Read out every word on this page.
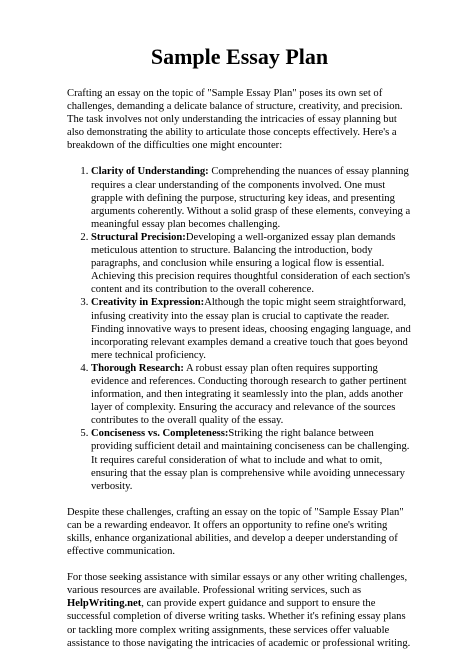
Sample Essay Plan

Crafting an essay on the topic of "Sample Essay Plan" poses its own set of challenges, demanding a delicate balance of structure, creativity, and precision. The task involves not only understanding the intricacies of essay planning but also demonstrating the ability to articulate those concepts effectively. Here's a breakdown of the difficulties one might encounter:

1. Clarity of Understanding: Comprehending the nuances of essay planning requires a clear understanding of the components involved. One must grapple with defining the purpose, structuring key ideas, and presenting arguments coherently. Without a solid grasp of these elements, conveying a meaningful essay plan becomes challenging.
2. Structural Precision:Developing a well-organized essay plan demands meticulous attention to structure. Balancing the introduction, body paragraphs, and conclusion while ensuring a logical flow is essential. Achieving this precision requires thoughtful consideration of each section's content and its contribution to the overall coherence.
3. Creativity in Expression:Although the topic might seem straightforward, infusing creativity into the essay plan is crucial to captivate the reader. Finding innovative ways to present ideas, choosing engaging language, and incorporating relevant examples demand a creative touch that goes beyond mere technical proficiency.
4. Thorough Research: A robust essay plan often requires supporting evidence and references. Conducting thorough research to gather pertinent information, and then integrating it seamlessly into the plan, adds another layer of complexity. Ensuring the accuracy and relevance of the sources contributes to the overall quality of the essay.
5. Conciseness vs. Completeness:Striking the right balance between providing sufficient detail and maintaining conciseness can be challenging. It requires careful consideration of what to include and what to omit, ensuring that the essay plan is comprehensive while avoiding unnecessary verbosity.

Despite these challenges, crafting an essay on the topic of "Sample Essay Plan" can be a rewarding endeavor. It offers an opportunity to refine one's writing skills, enhance organizational abilities, and develop a deeper understanding of effective communication.

For those seeking assistance with similar essays or any other writing challenges, various resources are available. Professional writing services, such as HelpWriting.net, can provide expert guidance and support to ensure the successful completion of diverse writing tasks. Whether it's refining essay plans or tackling more complex writing assignments, these services offer valuable assistance to those navigating the intricacies of academic or professional writing.
